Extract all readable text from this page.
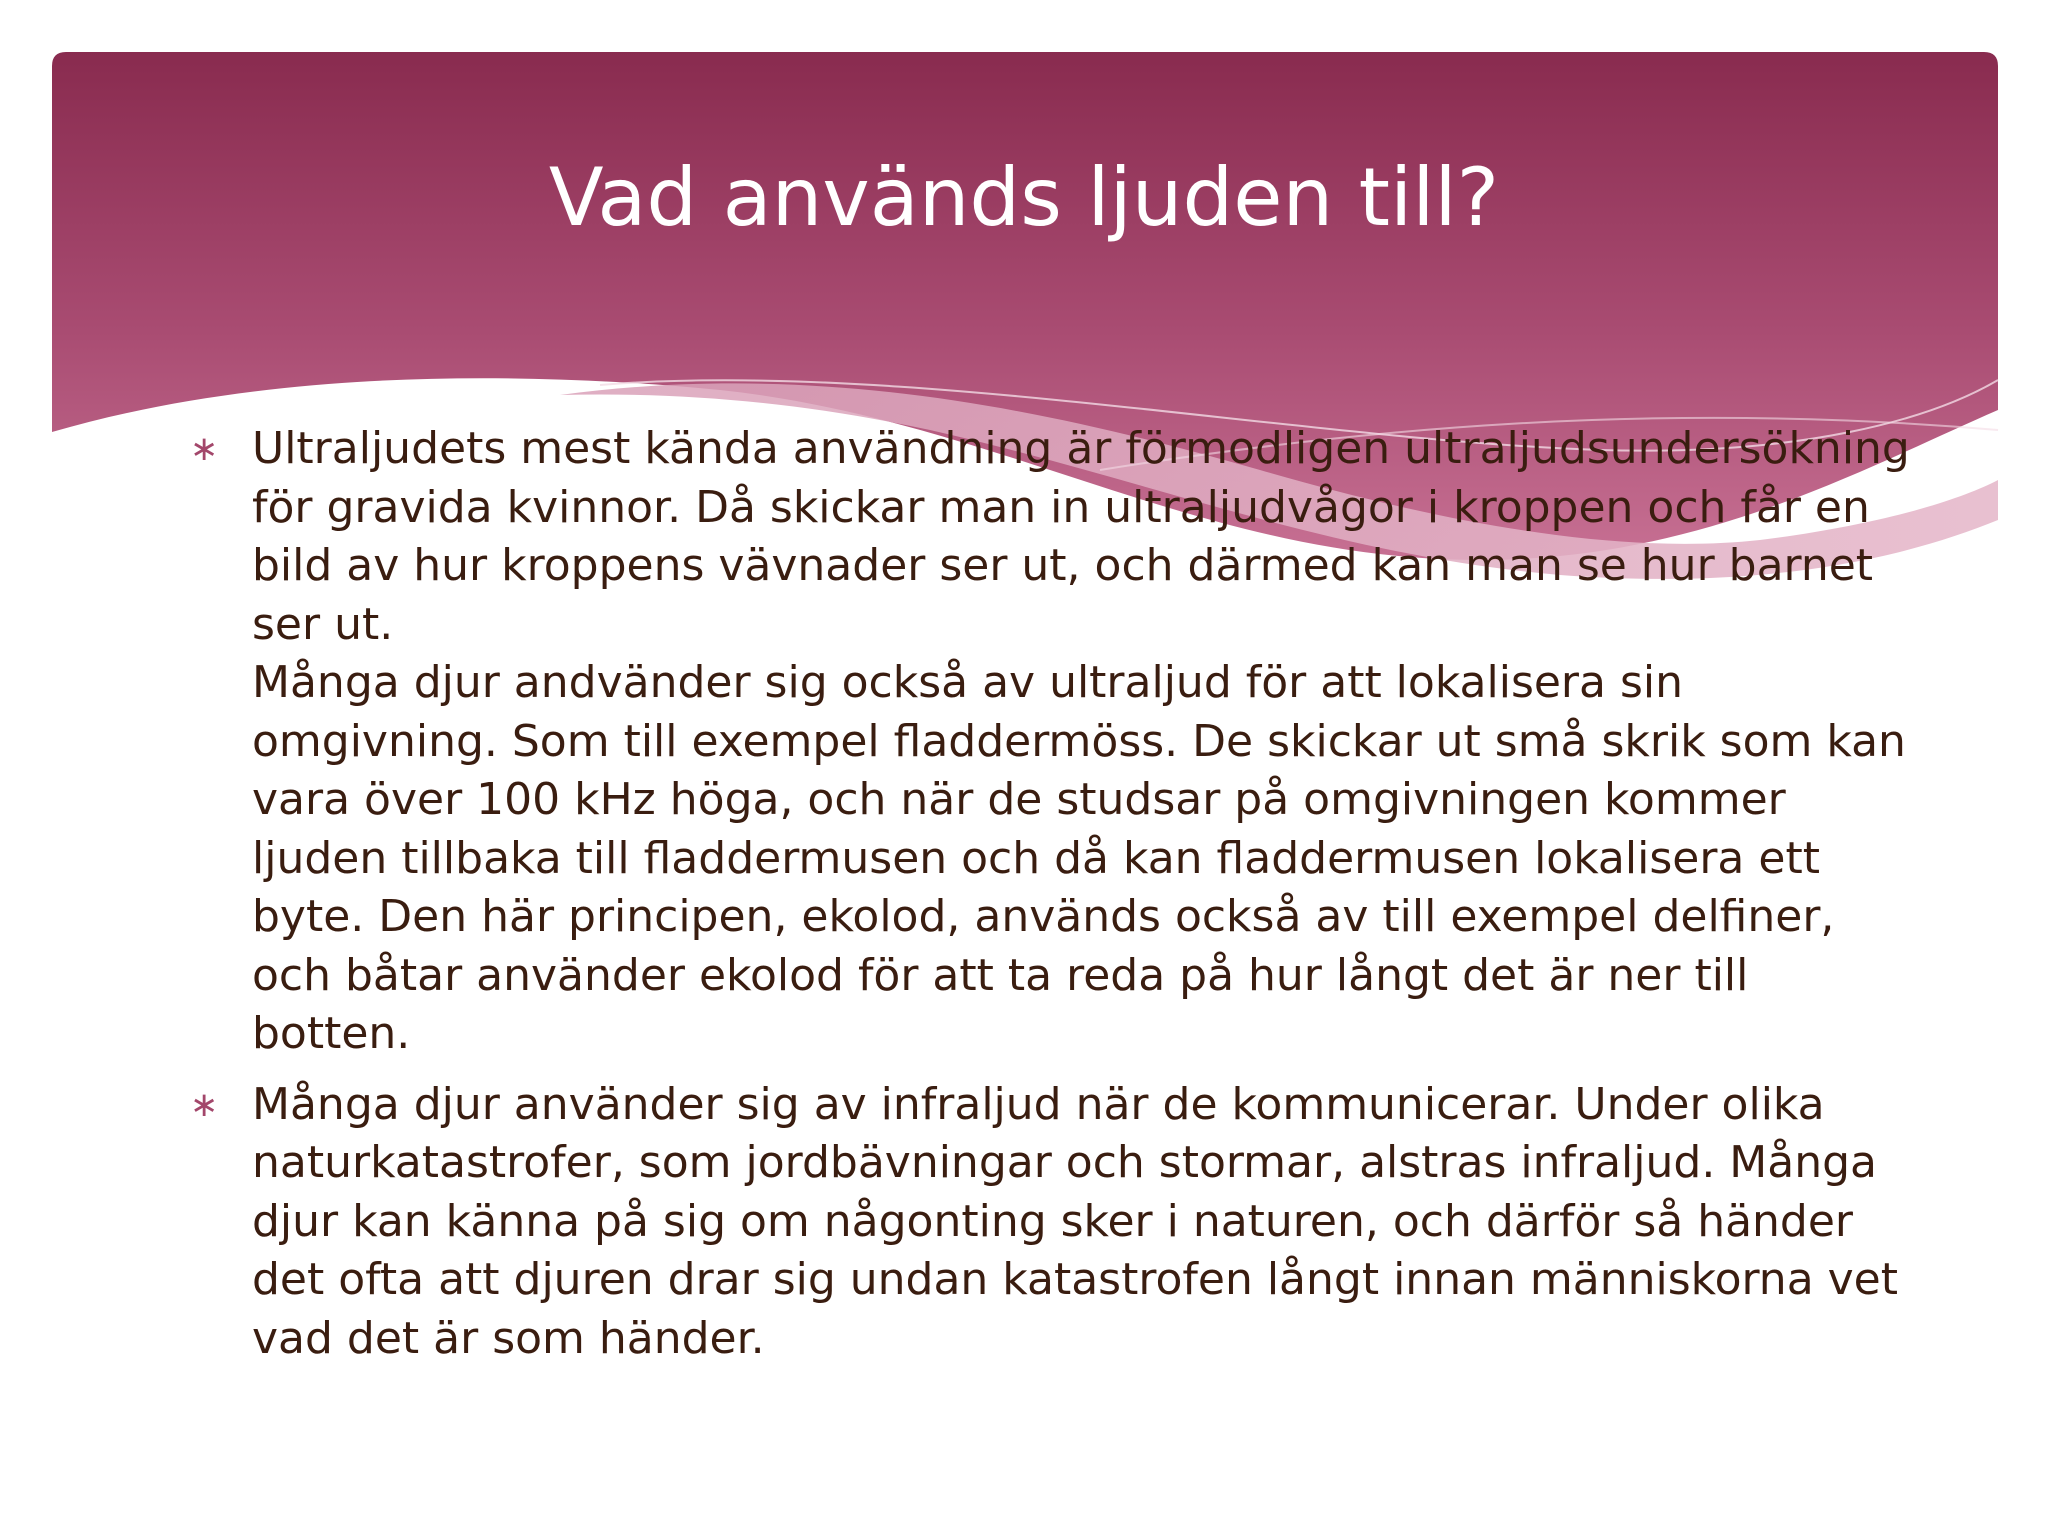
Vad används ljuden till?
∗ Ultraljudets mest kända användning är förmodligen ultraljudsundersökning för gravida kvinnor. Då skickar man in ultraljudvågor i kroppen och får en bild av hur kroppens vävnader ser ut, och därmed kan man se hur barnet ser ut.
Många djur andvänder sig också av ultraljud för att lokalisera sin omgivning. Som till exempel fladdermöss. De skickar ut små skrik som kan vara över 100 kHz höga, och när de studsar på omgivningen kommer ljuden tillbaka till fladdermusen och då kan fladdermusen lokalisera ett byte. Den här principen, ekolod, används också av till exempel delfiner, och båtar använder ekolod för att ta reda på hur långt det är ner till botten.
∗ Många djur använder sig av infraljud när de kommunicerar. Under olika naturkatastrofer, som jordbävningar och stormar, alstras infraljud. Många djur kan känna på sig om någonting sker i naturen, och därför så händer det ofta att djuren drar sig undan katastrofen långt innan människorna vet vad det är som händer.
